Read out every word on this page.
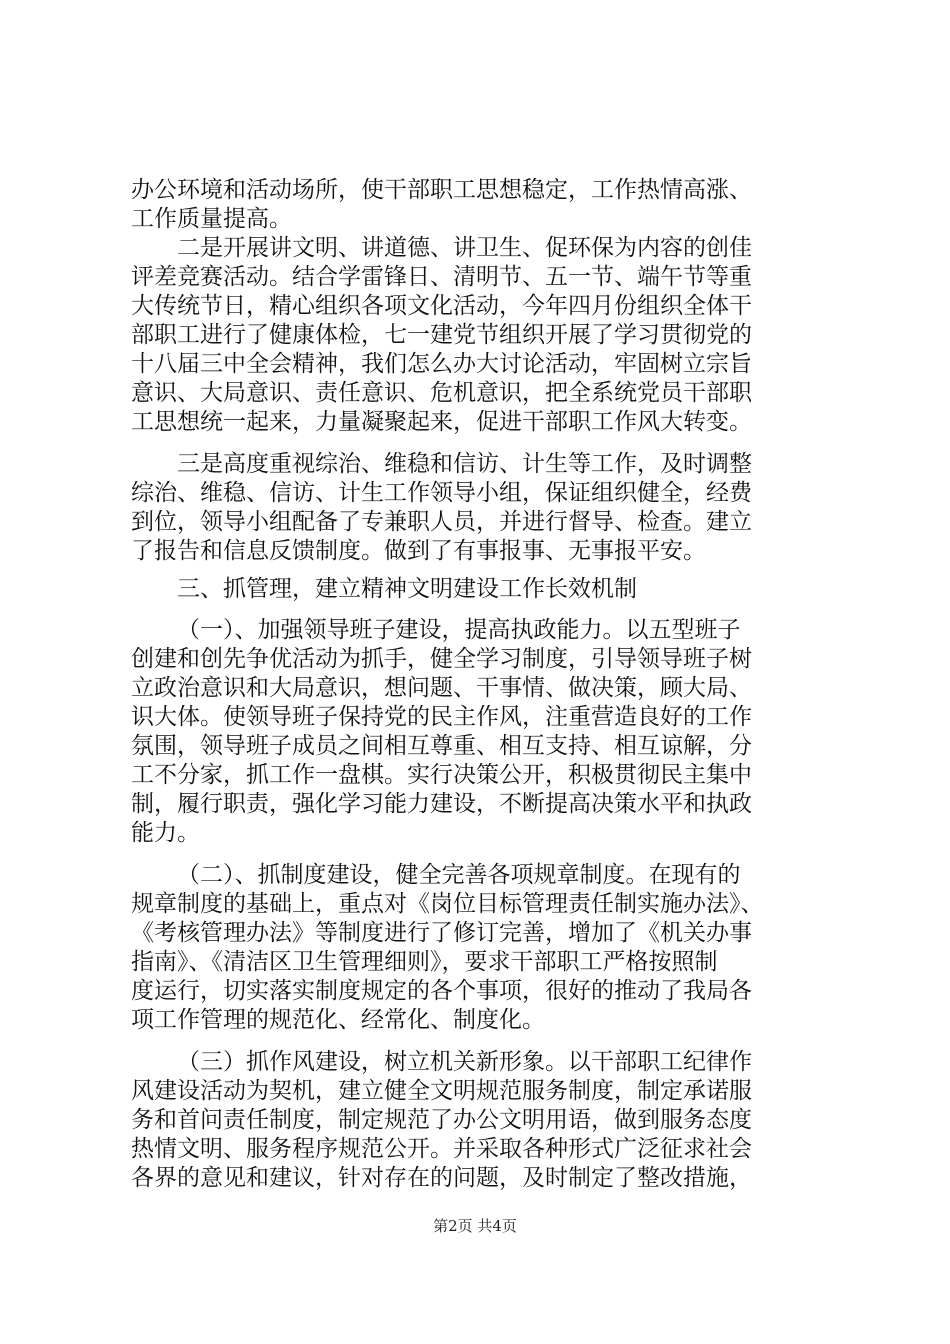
办公环境和活动场所，使干部职工思想稳定，工作热情高涨、
工作质量提高。
二是开展讲文明、讲道德、讲卫生、促环保为内容的创佳
评差竞赛活动。结合学雷锋日、清明节、五一节、端午节等重
大传统节日，精心组织各项文化活动，今年四月份组织全体干
部职工进行了健康体检，七一建党节组织开展了学习贯彻党的
十八届三中全会精神，我们怎么办大讨论活动，牢固树立宗旨
意识、大局意识、责任意识、危机意识，把全系统党员干部职
工思想统一起来，力量凝聚起来，促进干部职工作风大转变。
三是高度重视综治、维稳和信访、计生等工作，及时调整
综治、维稳、信访、计生工作领导小组，保证组织健全，经费
到位，领导小组配备了专兼职人员，并进行督导、检查。建立
了报告和信息反馈制度。做到了有事报事、无事报平安。
三、抓管理，建立精神文明建设工作长效机制
（一）、加强领导班子建设，提高执政能力。以五型班子
创建和创先争优活动为抓手，健全学习制度，引导领导班子树
立政治意识和大局意识，想问题、干事情、做决策，顾大局、
识大体。使领导班子保持党的民主作风，注重营造良好的工作
氛围，领导班子成员之间相互尊重、相互支持、相互谅解，分
工不分家，抓工作一盘棋。实行决策公开，积极贯彻民主集中
制，履行职责，强化学习能力建设，不断提高决策水平和执政
能力。
（二）、抓制度建设，健全完善各项规章制度。在现有的
规章制度的基础上，重点对《岗位目标管理责任制实施办法》、
《考核管理办法》等制度进行了修订完善，增加了《机关办事
指南》、《清洁区卫生管理细则》，要求干部职工严格按照制
度运行，切实落实制度规定的各个事项，很好的推动了我局各
项工作管理的规范化、经常化、制度化。
（三）抓作风建设，树立机关新形象。以干部职工纪律作
风建设活动为契机，建立健全文明规范服务制度，制定承诺服
务和首问责任制度，制定规范了办公文明用语，做到服务态度
热情文明、服务程序规范公开。并采取各种形式广泛征求社会
各界的意见和建议，针对存在的问题，及时制定了整改措施，
第2页 共4页
